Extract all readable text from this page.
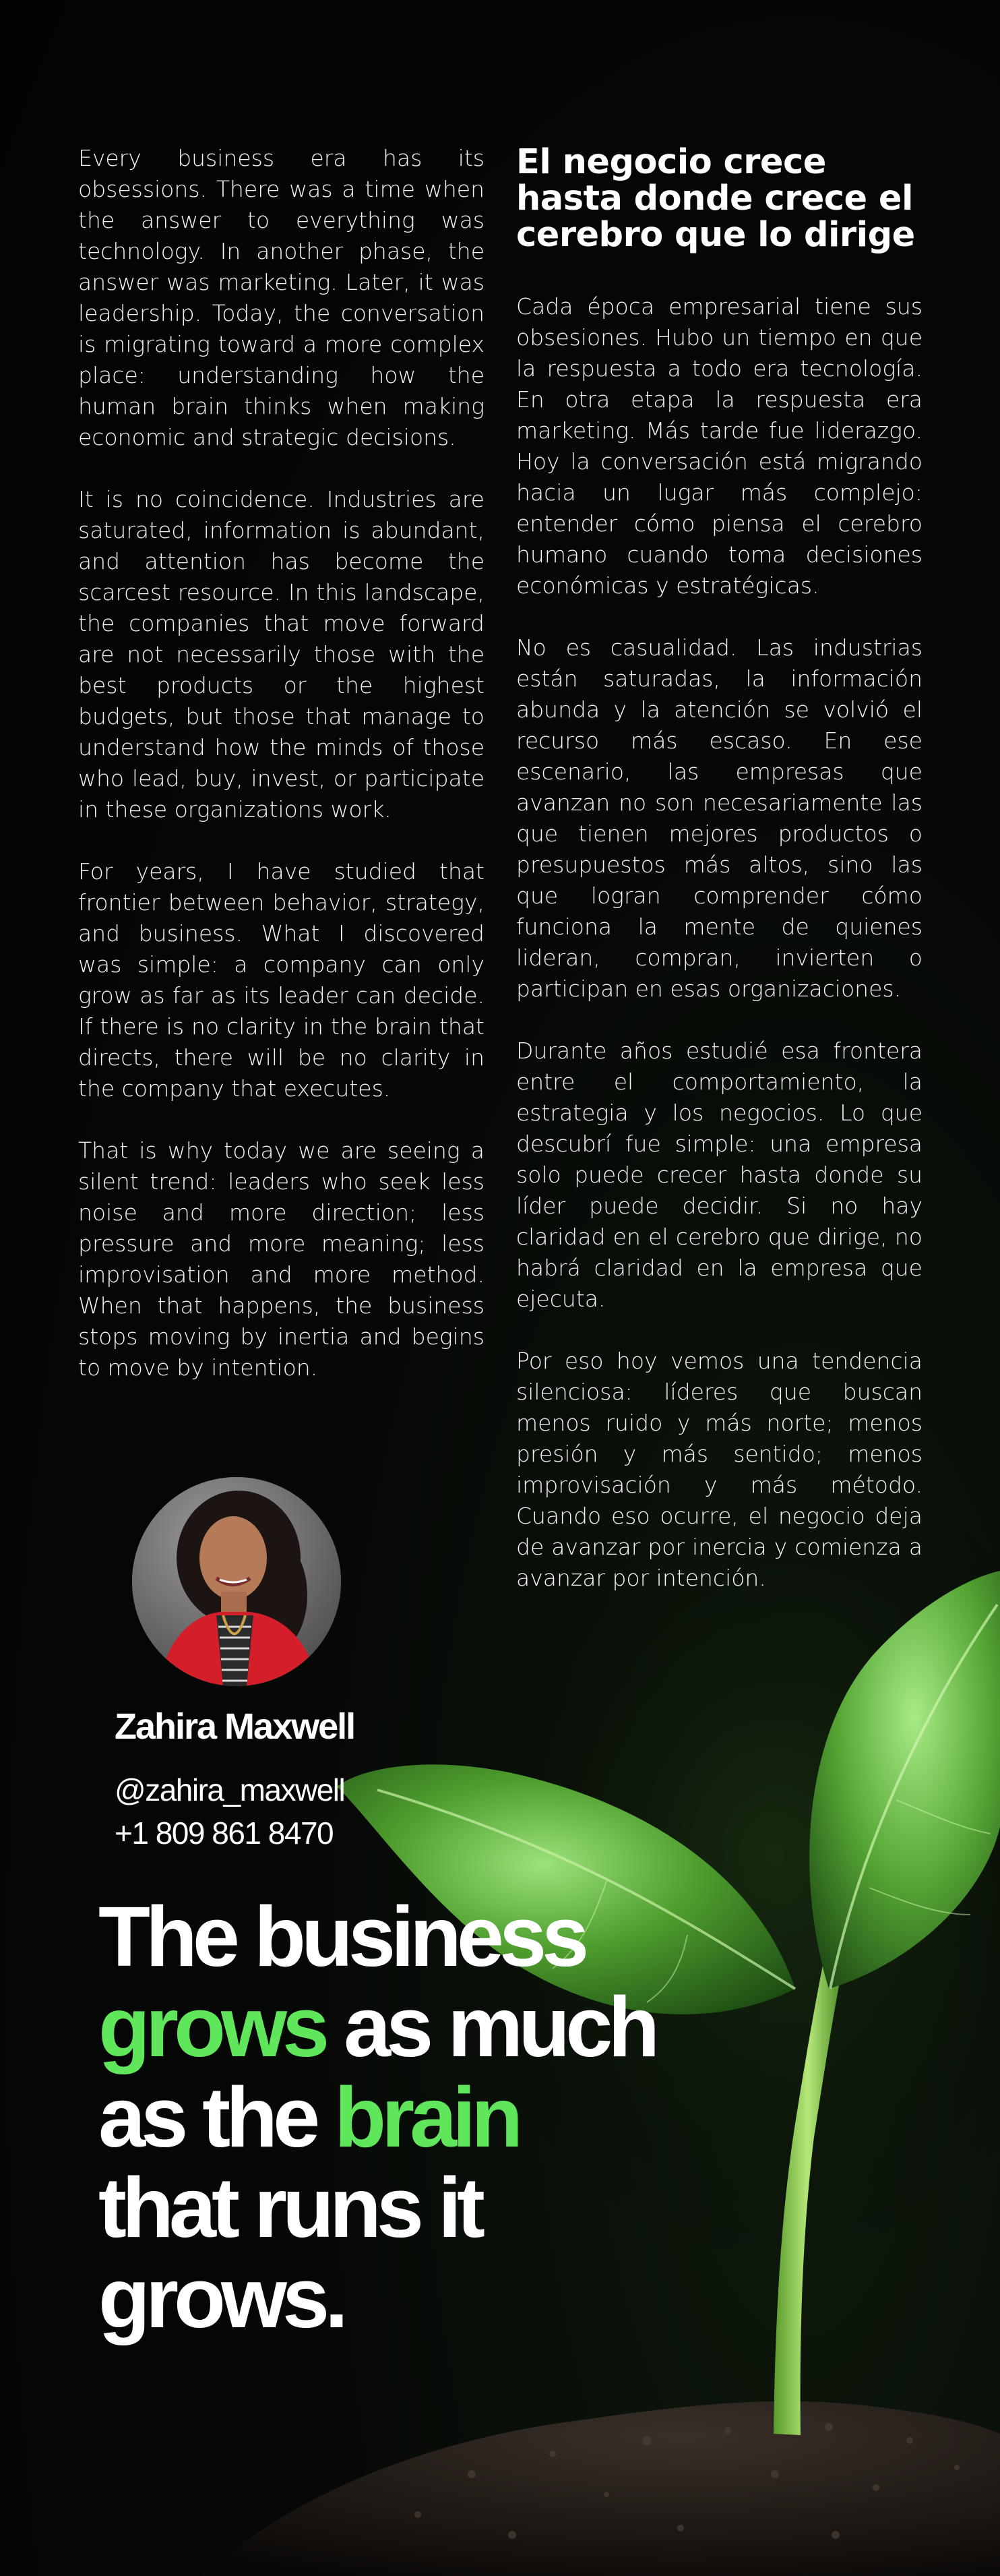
Every business era has its obsessions. There was a time when the answer to everything was technology. In another phase, the answer was marketing. Later, it was leadership. Today, the conversation is migrating toward a more complex place: understanding how the human brain thinks when making economic and strategic decisions.

It is no coincidence. Industries are saturated, information is abundant, and attention has become the scarcest resource. In this landscape, the companies that move forward are not necessarily those with the best products or the highest budgets, but those that manage to understand how the minds of those who lead, buy, invest, or participate in these organizations work.

For years, I have studied that frontier between behavior, strategy, and business. What I discovered was simple: a company can only grow as far as its leader can decide. If there is no clarity in the brain that directs, there will be no clarity in the company that executes.

That is why today we are seeing a silent trend: leaders who seek less noise and more direction; less pressure and more meaning; less improvisation and more method. When that happens, the business stops moving by inertia and begins to move by intention.

El negocio crece hasta donde crece el cerebro que lo dirige

Cada época empresarial tiene sus obsesiones. Hubo un tiempo en que la respuesta a todo era tecnología. En otra etapa la respuesta era marketing. Más tarde fue liderazgo. Hoy la conversación está migrando hacia un lugar más complejo: entender cómo piensa el cerebro humano cuando toma decisiones económicas y estratégicas.

No es casualidad. Las industrias están saturadas, la información abunda y la atención se volvió el recurso más escaso. En ese escenario, las empresas que avanzan no son necesariamente las que tienen mejores productos o presupuestos más altos, sino las que logran comprender cómo funciona la mente de quienes lideran, compran, invierten o participan en esas organizaciones.

Durante años estudié esa frontera entre el comportamiento, la estrategia y los negocios. Lo que descubrí fue simple: una empresa solo puede crecer hasta donde su líder puede decidir. Si no hay claridad en el cerebro que dirige, no habrá claridad en la empresa que ejecuta.

Por eso hoy vemos una tendencia silenciosa: líderes que buscan menos ruido y más norte; menos presión y más sentido; menos improvisación y más método. Cuando eso ocurre, el negocio deja de avanzar por inercia y comienza a avanzar por intención.

Zahira Maxwell
@zahira_maxwell
+1 809 861 8470
The business
grows as much
as the brain
that runs it
grows.
